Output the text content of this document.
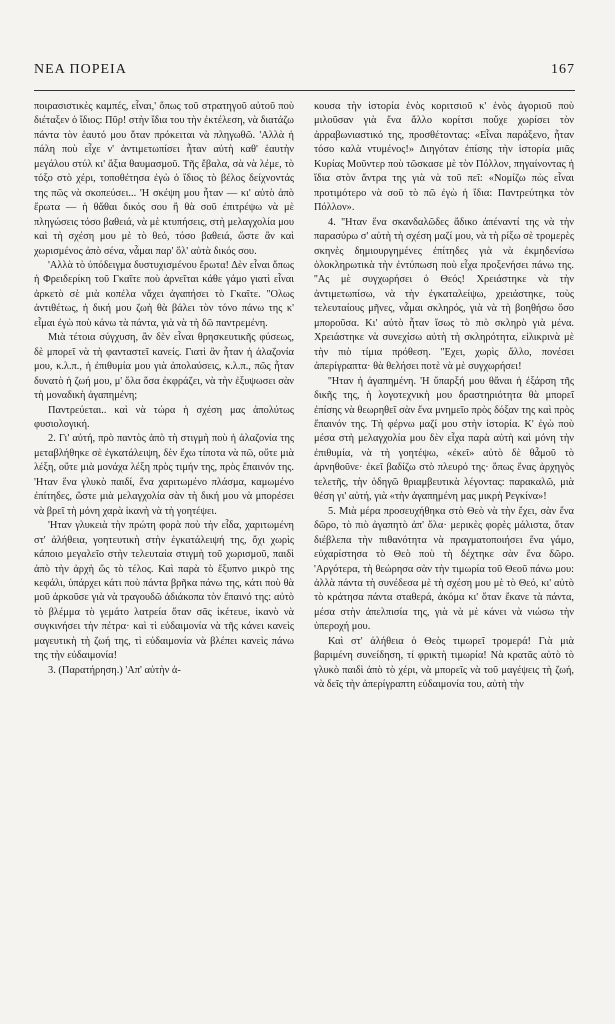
ΝΕΑ ΠΟΡΕΙΑ	167

ποιρασιστικὲς καμπές, εἶναι,' ὅπως τοῦ στρατηγοῦ αὐτοῦ ποὺ διέταξεν ὁ ἴδιος: Πῦρ! στὴν ἴδια του τὴν ἐκτέλεση, νὰ διατάζω πάντα τὸν ἑαυτό μου ὅταν πρόκειται νὰ πληγωθῶ. 'Αλλὰ ἡ πάλη ποὺ εἶχε ν' ἀντιμετωπίσει ἦταν αὐτὴ καθ' ἑαυτὴν μεγάλου στύλ κι' ἄξια θαυμασμοῦ. Τῆς ἔβαλα, σὰ νὰ λέμε, τὸ τόξο στὸ χέρι, τοποθέτησα ἐγὼ ὁ ἴδιος τὸ βέλος δείχνοντάς της πῶς νὰ σκοπεύσει... 'Η σκέψη μου ἦταν — κι' αὐτὸ ἀπὸ ἔρωτα — ἡ θἄθαι δικός σου ἢ θὰ σοῦ ἐπιτρέψω νὰ μὲ πληγώσεις τόσο βαθειά, νὰ μὲ κτυπήσεις, στὴ μελαγχολία μου καὶ τὴ σχέση μου μὲ τὸ θεό, τόσο βαθειά, ὥστε ἂν καὶ χωρισμένος ἀπὸ σένα, νἆμαι παρ' ὅλ' αὐτὰ δικός σου.

'Αλλὰ τὸ ὑπόδειγμα δυστυχισμένου ἔρωτα! Δὲν εἶναι ὅπως ἡ Φρειδερίκη τοῦ Γκαῖτε ποὺ ἀρνεῖται κάθε γάμο γιατὶ εἶναι ἀρκετὸ σὲ μιὰ κοπέλα νἄχει ἀγαπήσει τὸ Γκαῖτε. ''Ολως ἀντιθέτως, ἡ δική μου ζωὴ θὰ βάλει τὸν τόνο πάνω της κ' εἶμαι ἐγὼ ποὺ κάνω τὰ πάντα, γιὰ νὰ τὴ δῶ παντρεμένη.

Μιὰ τέτοια σύγχυση, ἂν δὲν εἶναι θρησκευτικῆς φύσεως, δὲ μπορεῖ νὰ τὴ φανταστεῖ κανείς. Γιατὶ ἂν ἦταν ἡ ἀλαζονία μου, κ.λ.π., ἡ ἐπιθυμία μου γιὰ ἀπολαύσεις, κ.λ.π., πῶς ἦταν δυνατὸ ἡ ζωή μου, μ' ὅλα ὅσα ἐκφράζει, νὰ τὴν ἐξυψωσει σὰν τὴ μοναδικὴ ἀγαπημένη;

Παντρεύεται.. καὶ νὰ τώρα ἡ σχέση μας ἀπολύτως φυσιολογική.

2. Γι' αὐτή, πρὸ παντὸς ἀπὸ τὴ στιγμὴ ποὺ ἡ ἀλαζονία της μεταβλήθηκε σὲ ἐγκατάλειψη, δὲν ἔχω τίποτα νὰ πῶ, οὔτε μιὰ λέξη, οὔτε μιὰ μονάχα λέξη πρὸς τιμήν της, πρὸς ἔπαινόν της. 'Ηταν ἕνα γλυκὸ παιδί, ἕνα χαριτωμένο πλάσμα, καμωμένο ἐπίτηδες, ὥστε μιὰ μελαγχολία σὰν τὴ δική μου νὰ μπορέσει νὰ βρεῖ τὴ μόνη χαρὰ ἱκανὴ νὰ τὴ γοητέψει.

'Ηταν γλυκειὰ τὴν πρώτη φορὰ ποὺ τὴν εἶδα, χαριτωμένη στ' ἀλήθεια, γοητευτικὴ στὴν ἐγκατάλειψή της, ὄχι χωρὶς κάποιο μεγαλεῖο στὴν τελευταία στιγμὴ τοῦ χωρισμοῦ, παιδὶ ἀπὸ τὴν ἀρχὴ ὥς τὸ τέλος. Καὶ παρὰ τὸ ἔξυπνο μικρὸ της κεφάλι, ὑπάρχει κάτι ποὺ πάντα βρῆκα πάνω της, κάτι ποὺ θὰ μοῦ ἀρκοῦσε γιὰ νὰ τραγουδῶ ἀδιάκοπα τὸν ἔπαινό της: αὐτὸ τὸ βλέμμα τὸ γεμάτο λατρεία ὅταν σᾶς ἱκέτευε, ἱκανὸ νὰ συγκινήσει τὴν πέτρα· καὶ τὶ εὐδαιμονία νὰ τῆς κάνει κανεὶς μαγευτικὴ τὴ ζωή της, τὶ εὐδαιμονία νὰ βλέπει κανεὶς πάνω της τὴν εὐδαιμονία!

3. (Παρατήρηση.) 'Απ' αὐτὴν ἀ-

κουσα τὴν ἱστορία ἑνὸς κοριτσιοῦ κ' ἑνὸς ἀγοριοῦ ποὺ μιλοῦσαν γιὰ ἕνα ἄλλο κορίτσι ποὔχε χωρίσει τὸν ἀρραβωνιαστικό της, προσθέτοντας: «Εἶναι παράξενο, ἦταν τόσο καλὰ ντυμένος!» Διηγόταν ἐπίσης τὴν ἱστορία μιᾶς Κυρίας Μοῦντερ ποὺ τῶσκασε μὲ τὸν Πόλλον, πηγαίνοντας ἡ ἴδια στὸν ἄντρα της γιὰ νὰ τοῦ πεῖ: «Νομίζω πὼς εἶναι προτιμότερο νὰ σοῦ τὸ πῶ ἐγὼ ἡ ἴδια: Παντρεύτηκα τὸν Πόλλον».

4. ''Ηταν ἕνα σκανδαλῶδες ἄδικο ἀπέναντί της νὰ τὴν παρασύρω σ' αὐτὴ τὴ σχέση μαζί μου, νὰ τὴ ρίξω σὲ τρομερὲς σκηνὲς δημιουργημένες ἐπίτηδες γιὰ νὰ ἐκμηδενίσω ὁλοκληρωτικὰ τὴν ἐντύπωση ποὺ εἶχα προξενήσει πάνω της. ''Ας μὲ συγχωρήσει ὁ Θεός! Χρειάστηκε νὰ τὴν ἀντιμετωπίσω, νὰ τὴν ἐγκαταλείψω, χρειάστηκε, τοὺς τελευταίους μῆνες, νἆμαι σκληρός, γιὰ νὰ τὴ βοηθήσω ὅσο μποροῦσα. Κι' αὐτὸ ἦταν ἴσως τὸ πιὸ σκληρὸ γιὰ μένα. Χρειάστηκε νὰ συνεχίσω αὐτὴ τὴ σκληρότητα, εἰλικρινὰ μὲ τὴν πιὸ τίμια πρόθεση. ''Εχει, χωρὶς ἄλλο, πονέσει ἀπερίγραπτα· θὰ θελήσει ποτὲ νὰ μὲ συγχωρήσει!

''Ηταν ἡ ἀγαπημένη. 'Η ὕπαρξή μου θἄναι ἡ ἐξάρση τῆς δικῆς της, ἡ λογοτεχνικὴ μου δραστηριότητα θὰ μπορεῖ ἐπίσης νὰ θεωρηθεῖ σὰν ἕνα μνημεῖο πρὸς δόξαν της καὶ πρὸς ἔπαινόν της. Τὴ φέρνω μαζί μου στὴν ἱστορία. Κ' ἐγὼ ποὺ μέσα στὴ μελαγχολία μου δὲν εἶχα παρὰ αὐτὴ καὶ μόνη τὴν ἐπιθυμία, νὰ τὴ γοητέψω, «ἐκεῖ» αὐτὸ δὲ θἆμοῦ τὸ ἀρνηθοῦνε· ἐκεῖ βαδίζω στὸ πλευρό της· ὅπως ἕνας ἀρχηγὸς τελετῆς, τὴν ὁδηγῶ θριαμβευτικὰ λέγοντας: παρακαλῶ, μιὰ θέση γι' αὐτή, γιὰ «τὴν ἀγαπημένη μας μικρὴ Ρεγκίνα»!

5. Μιὰ μέρα προσευχήθηκα στὸ Θεὸ νὰ τὴν ἔχει, σὰν ἕνα δῶρο, τὸ πιὸ ἀγαπητὸ ἀπ' ὅλα· μερικὲς φορὲς μάλιστα, ὅταν διέβλεπα τὴν πιθανότητα νὰ πραγματοποιήσει ἕνα γάμο, εὐχαρίστησα τὸ Θεὸ ποὺ τὴ δέχτηκε σὰν ἕνα δῶρο. 'Αργότερα, τὴ θεώρησα σὰν τὴν τιμωρία τοῦ Θεοῦ πάνω μου: ἀλλὰ πάντα τὴ συνέδεσα μὲ τὴ σχέση μου μὲ τὸ Θεό, κι' αὐτὸ τὸ κράτησα πάντα σταθερά, ἀκόμα κι' ὅταν ἔκανε τὰ πάντα, μέσα στὴν ἀπελπισία της, γιὰ νὰ μὲ κάνει νὰ νιώσω τὴν ὑπεροχή μου.

Καὶ στ' ἀλήθεια ὁ Θεὸς τιμωρεῖ τρομερά! Γιὰ μιὰ βαριμένη συνείδηση, τί φρικτὴ τιμωρία! Νὰ κρατᾶς αὐτὸ τὸ γλυκὸ παιδὶ ἀπὸ τὸ χέρι, νὰ μπορεῖς νὰ τοῦ μαγέψεις τὴ ζωή, νὰ δεῖς τὴν ἀπερίγραπτη εὐδαιμονία του, αὐτὴ τὴν
